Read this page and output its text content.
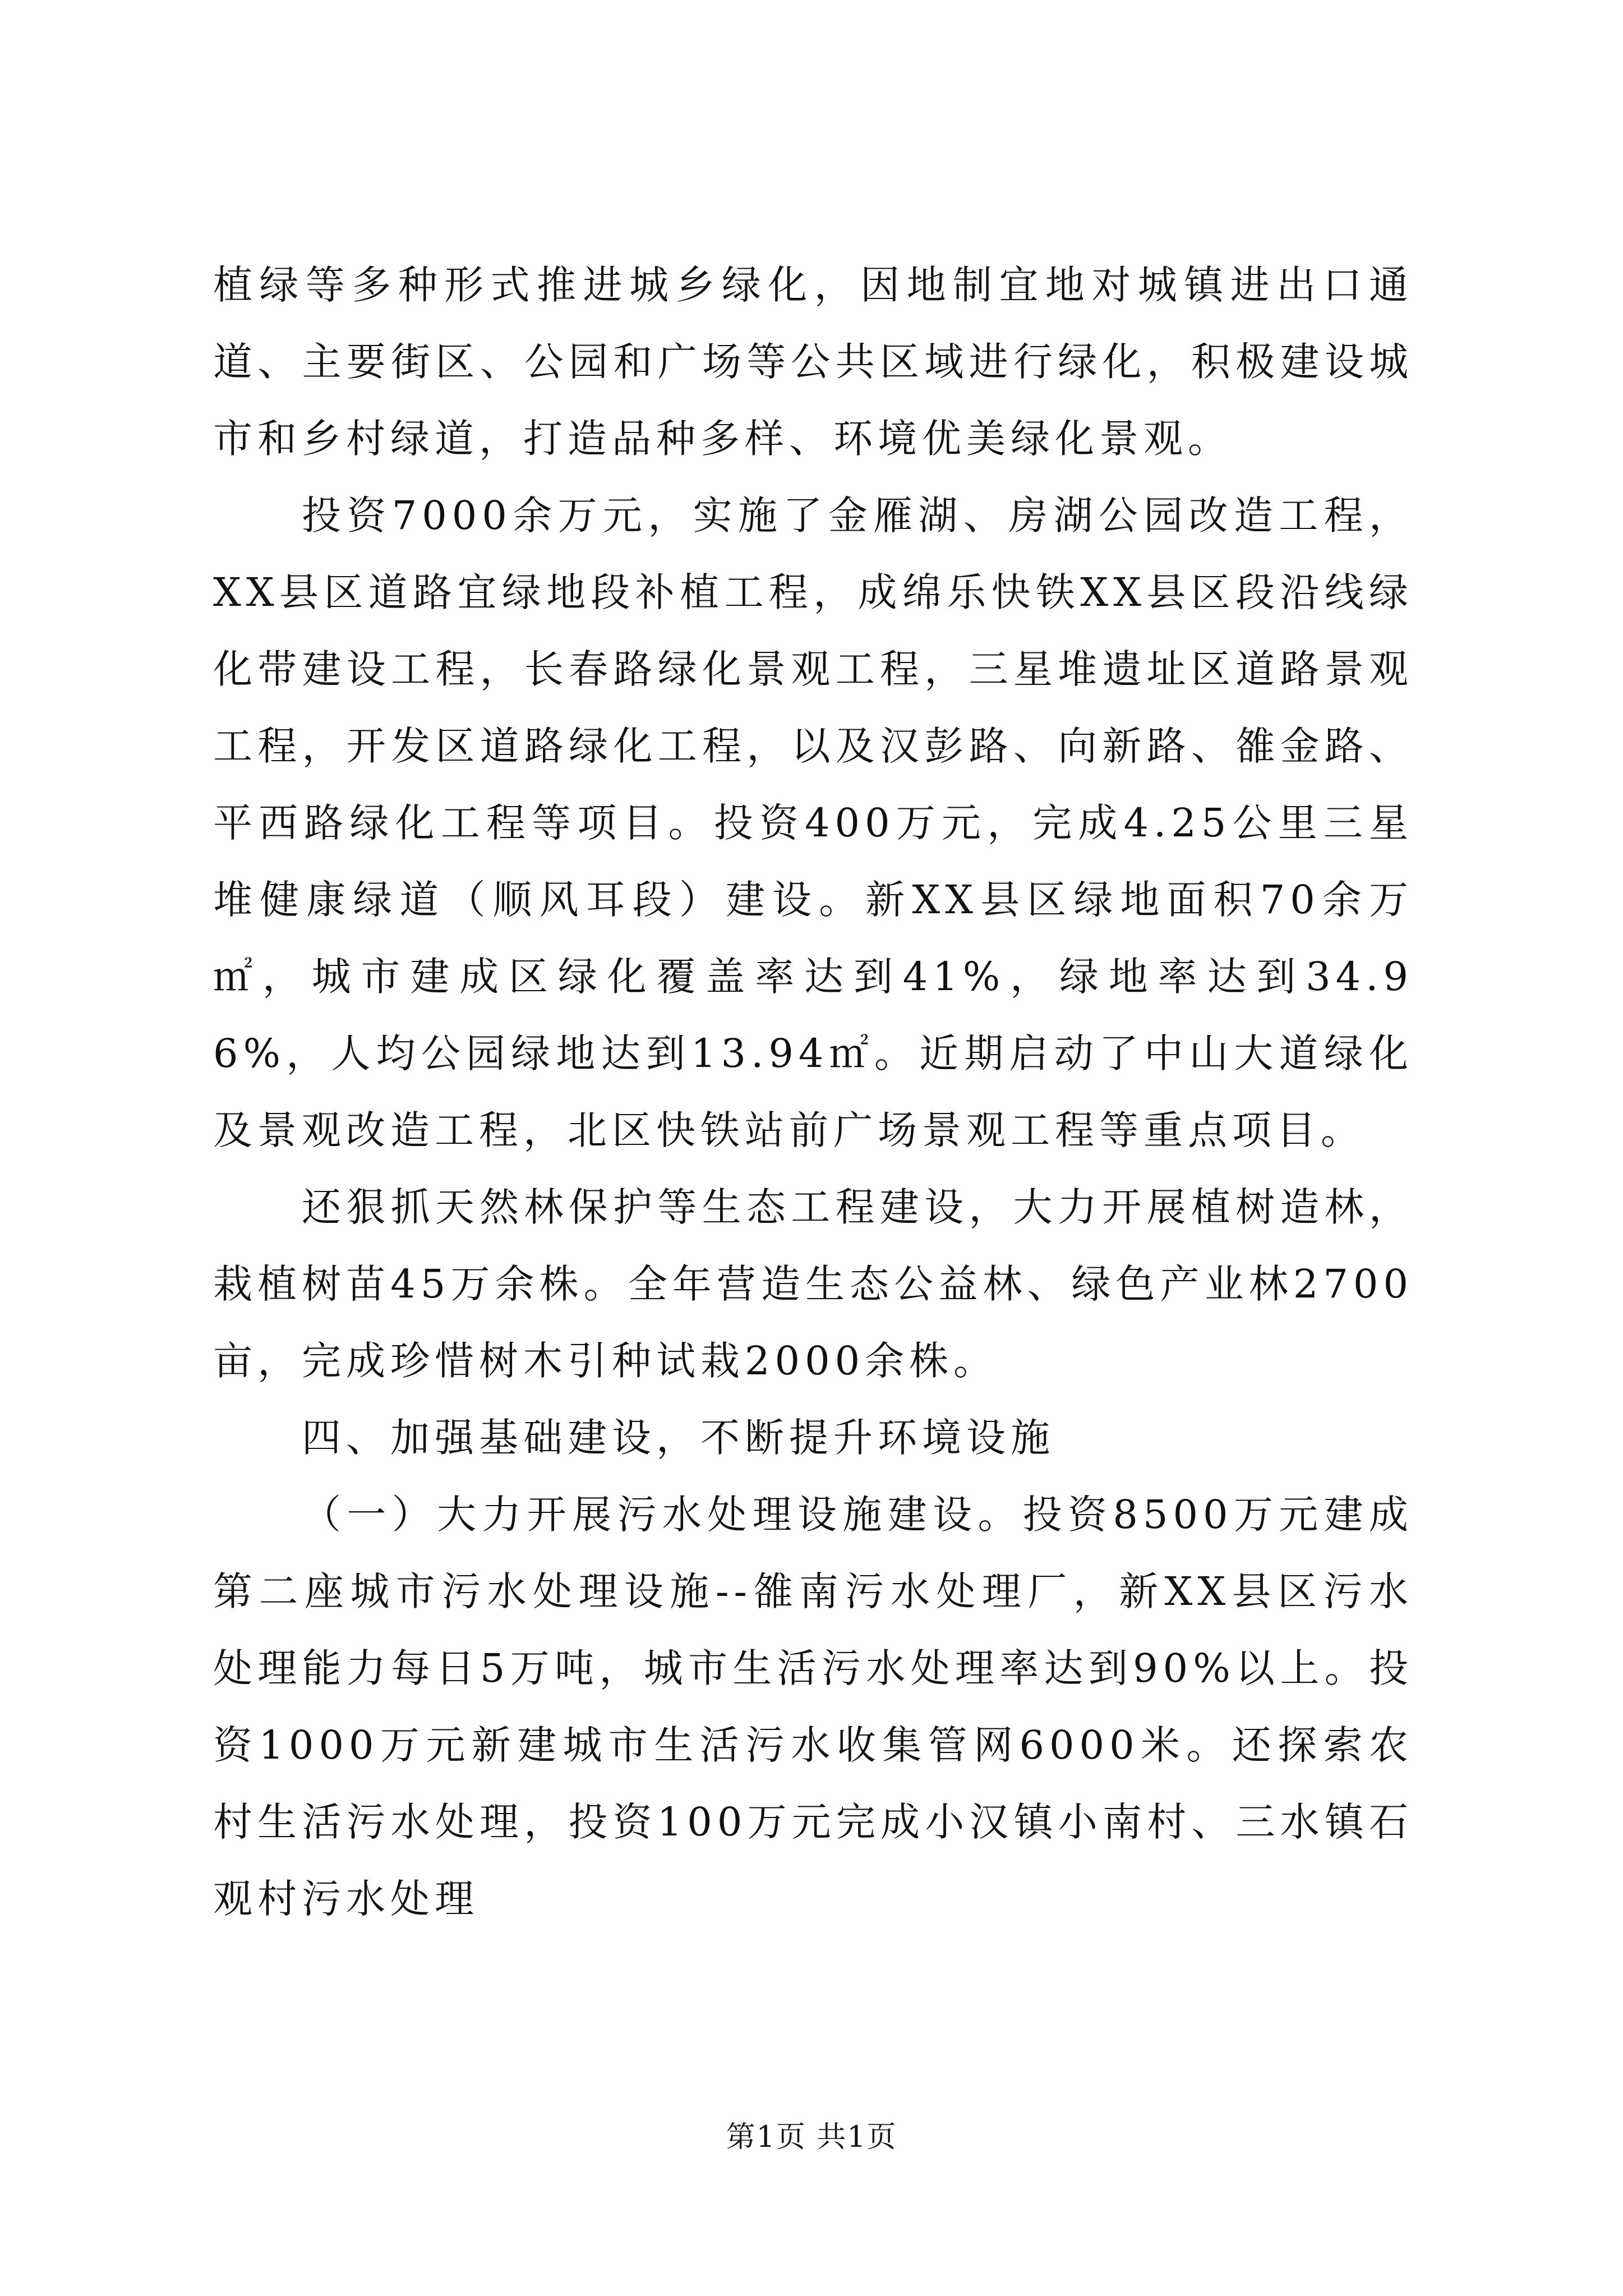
植绿等多种形式推进城乡绿化，因地制宜地对城镇进出口通道、主要街区、公园和广场等公共区域进行绿化，积极建设城市和乡村绿道，打造品种多样、环境优美绿化景观。

投资7000余万元，实施了金雁湖、房湖公园改造工程，XX县区道路宜绿地段补植工程，成绵乐快铁XX县区段沿线绿化带建设工程，长春路绿化景观工程，三星堆遗址区道路景观工程，开发区道路绿化工程，以及汉彭路、向新路、雒金路、平西路绿化工程等项目。投资400万元，完成4.25公里三星堆健康绿道（顺风耳段）建设。新XX县区绿地面积70余万㎡，城市建成区绿化覆盖率达到41%，绿地率达到34.96%，人均公园绿地达到13.94㎡。近期启动了中山大道绿化及景观改造工程，北区快铁站前广场景观工程等重点项目。

还狠抓天然林保护等生态工程建设，大力开展植树造林，栽植树苗45万余株。全年营造生态公益林、绿色产业林2700亩，完成珍惜树木引种试栽2000余株。

四、加强基础建设，不断提升环境设施

（一）大力开展污水处理设施建设。投资8500万元建成第二座城市污水处理设施--雒南污水处理厂，新XX县区污水处理能力每日5万吨，城市生活污水处理率达到90%以上。投资1000万元新建城市生活污水收集管网6000米。还探索农村生活污水处理，投资100万元完成小汉镇小南村、三水镇石观村污水处理

第1页 共1页
